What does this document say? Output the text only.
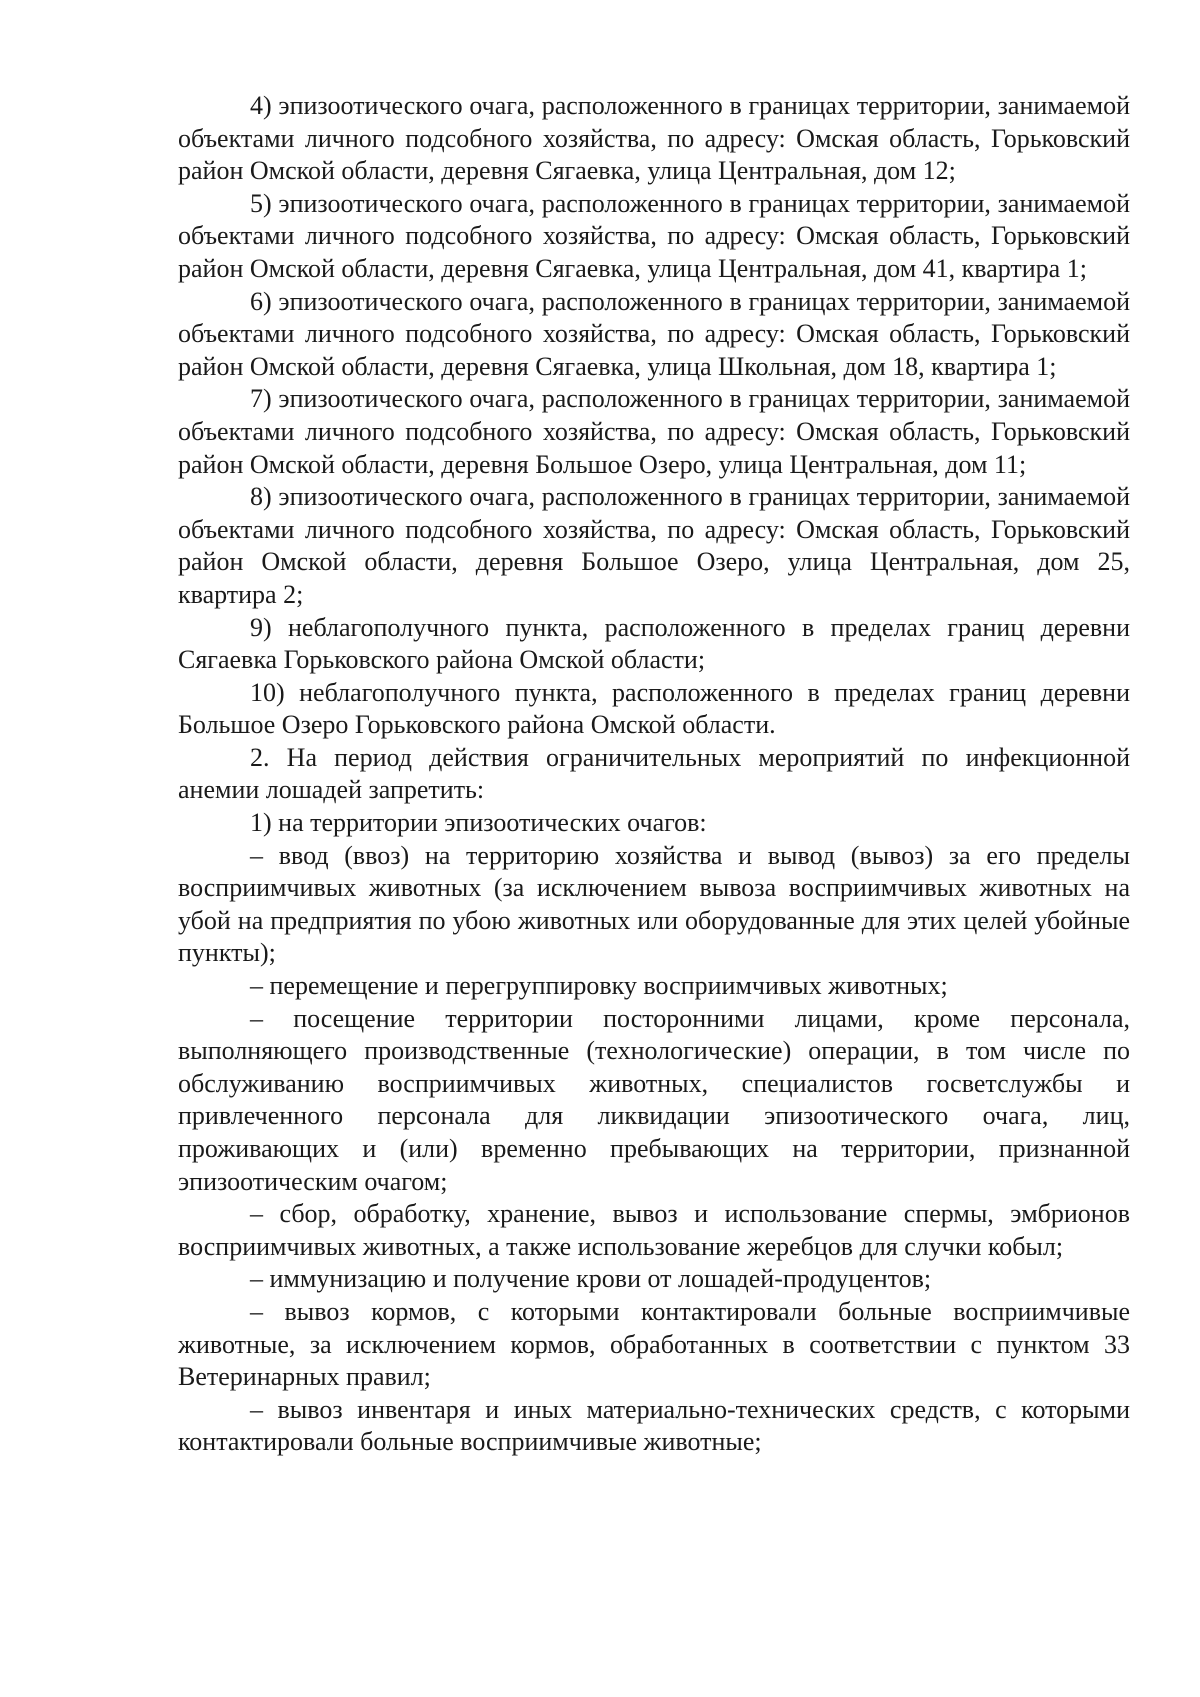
4) эпизоотического очага, расположенного в границах территории, занимаемой объектами личного подсобного хозяйства, по адресу: Омская область, Горьковский район Омской области, деревня Сягаевка, улица Центральная, дом 12;

5) эпизоотического очага, расположенного в границах территории, занимаемой объектами личного подсобного хозяйства, по адресу: Омская область, Горьковский район Омской области, деревня Сягаевка, улица Центральная, дом 41, квартира 1;

6) эпизоотического очага, расположенного в границах территории, занимаемой объектами личного подсобного хозяйства, по адресу: Омская область, Горьковский район Омской области, деревня Сягаевка, улица Школьная, дом 18, квартира 1;

7) эпизоотического очага, расположенного в границах территории, занимаемой объектами личного подсобного хозяйства, по адресу: Омская область, Горьковский район Омской области, деревня Большое Озеро, улица Центральная, дом 11;

8) эпизоотического очага, расположенного в границах территории, занимаемой объектами личного подсобного хозяйства, по адресу: Омская область, Горьковский район Омской области, деревня Большое Озеро, улица Центральная, дом 25, квартира 2;

9) неблагополучного пункта, расположенного в пределах границ деревни Сягаевка Горьковского района Омской области;

10) неблагополучного пункта, расположенного в пределах границ деревни Большое Озеро Горьковского района Омской области.

2. На период действия ограничительных мероприятий по инфекционной анемии лошадей запретить:

1) на территории эпизоотических очагов:

– ввод (ввоз) на территорию хозяйства и вывод (вывоз) за его пределы восприимчивых животных (за исключением вывоза восприимчивых животных на убой на предприятия по убою животных или оборудованные для этих целей убойные пункты);

– перемещение и перегруппировку восприимчивых животных;

– посещение территории посторонними лицами, кроме персонала, выполняющего производственные (технологические) операции, в том числе по обслуживанию восприимчивых животных, специалистов госветслужбы и привлеченного персонала для ликвидации эпизоотического очага, лиц, проживающих и (или) временно пребывающих на территории, признанной эпизоотическим очагом;

– сбор, обработку, хранение, вывоз и использование спермы, эмбрионов восприимчивых животных, а также использование жеребцов для случки кобыл;

– иммунизацию и получение крови от лошадей-продуцентов;

– вывоз кормов, с которыми контактировали больные восприимчивые животные, за исключением кормов, обработанных в соответствии с пунктом 33 Ветеринарных правил;

– вывоз инвентаря и иных материально-технических средств, с которыми контактировали больные восприимчивые животные;
